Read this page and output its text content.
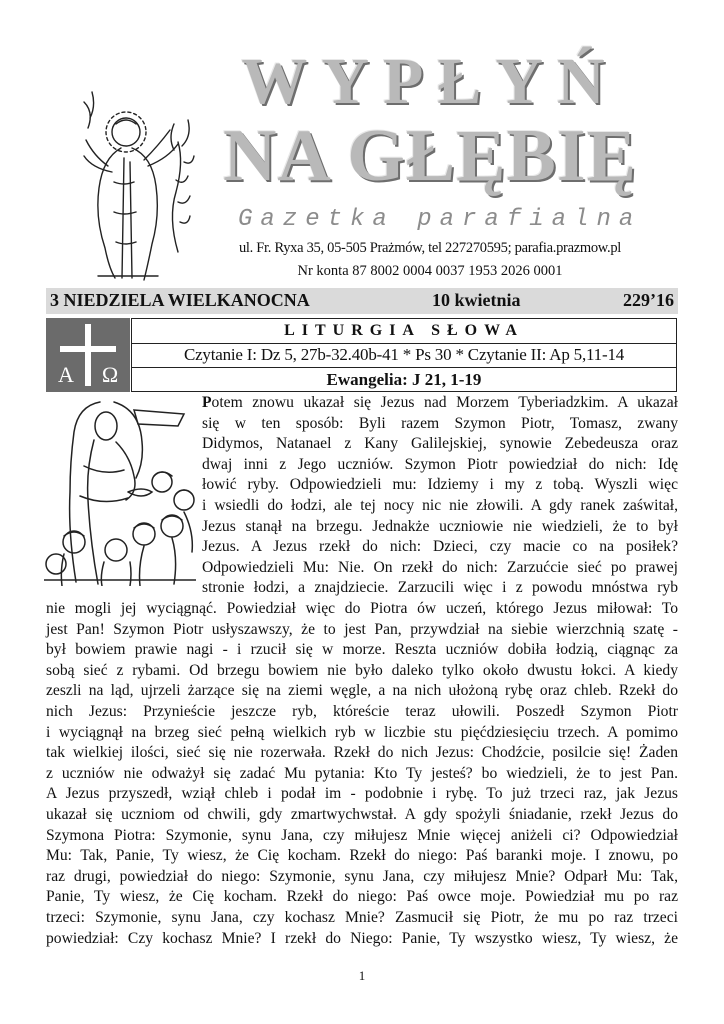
WYPŁYŃ
NA GŁĘBIĘ
Gazetka parafialna
ul. Fr. Ryxa 35, 05-505 Prażmów, tel 227270595; parafia.prazmow.pl
Nr konta 87 8002 0004 0037 1953 2026 0001
3 NIEDZIELA WIELKANOCNA	10 kwietnia	229’16
A Ω
LITURGIA SŁOWA
Czytanie I: Dz 5, 27b-32.40b-41 * Ps 30 * Czytanie II: Ap 5,11-14
Ewangelia: J 21, 1-19
Potem znowu ukazał się Jezus nad Morzem Tyberiadzkim. A ukazał
się w ten sposób: Byli razem Szymon Piotr, Tomasz, zwany
Didymos, Natanael z Kany Galilejskiej, synowie Zebedeusza oraz
dwaj inni z Jego uczniów. Szymon Piotr powiedział do nich: Idę
łowić ryby. Odpowiedzieli mu: Idziemy i my z tobą. Wyszli więc
i wsiedli do łodzi, ale tej nocy nic nie złowili. A gdy ranek zaświtał,
Jezus stanął na brzegu. Jednakże uczniowie nie wiedzieli, że to był
Jezus. A Jezus rzekł do nich: Dzieci, czy macie co na posiłek?
Odpowiedzieli Mu: Nie. On rzekł do nich: Zarzućcie sieć po prawej
stronie łodzi, a znajdziecie. Zarzucili więc i z powodu mnóstwa ryb
nie mogli jej wyciągnąć. Powiedział więc do Piotra ów uczeń, którego Jezus miłował: To
jest Pan! Szymon Piotr usłyszawszy, że to jest Pan, przywdział na siebie wierzchnią szatę -
był bowiem prawie nagi - i rzucił się w morze. Reszta uczniów dobiła łodzią, ciągnąc za
sobą sieć z rybami. Od brzegu bowiem nie było daleko tylko około dwustu łokci. A kiedy
zeszli na ląd, ujrzeli żarzące się na ziemi węgle, a na nich ułożoną rybę oraz chleb. Rzekł do
nich Jezus: Przynieście jeszcze ryb, któreście teraz ułowili. Poszedł Szymon Piotr
i wyciągnął na brzeg sieć pełną wielkich ryb w liczbie stu pięćdziesięciu trzech. A pomimo
tak wielkiej ilości, sieć się nie rozerwała. Rzekł do nich Jezus: Chodźcie, posilcie się! Żaden
z uczniów nie odważył się zadać Mu pytania: Kto Ty jesteś? bo wiedzieli, że to jest Pan.
A Jezus przyszedł, wziął chleb i podał im - podobnie i rybę. To już trzeci raz, jak Jezus
ukazał się uczniom od chwili, gdy zmartwychwstał. A gdy spożyli śniadanie, rzekł Jezus do
Szymona Piotra: Szymonie, synu Jana, czy miłujesz Mnie więcej aniżeli ci? Odpowiedział
Mu: Tak, Panie, Ty wiesz, że Cię kocham. Rzekł do niego: Paś baranki moje. I znowu, po
raz drugi, powiedział do niego: Szymonie, synu Jana, czy miłujesz Mnie? Odparł Mu: Tak,
Panie, Ty wiesz, że Cię kocham. Rzekł do niego: Paś owce moje. Powiedział mu po raz
trzeci: Szymonie, synu Jana, czy kochasz Mnie? Zasmucił się Piotr, że mu po raz trzeci
powiedział: Czy kochasz Mnie? I rzekł do Niego: Panie, Ty wszystko wiesz, Ty wiesz, że
1
